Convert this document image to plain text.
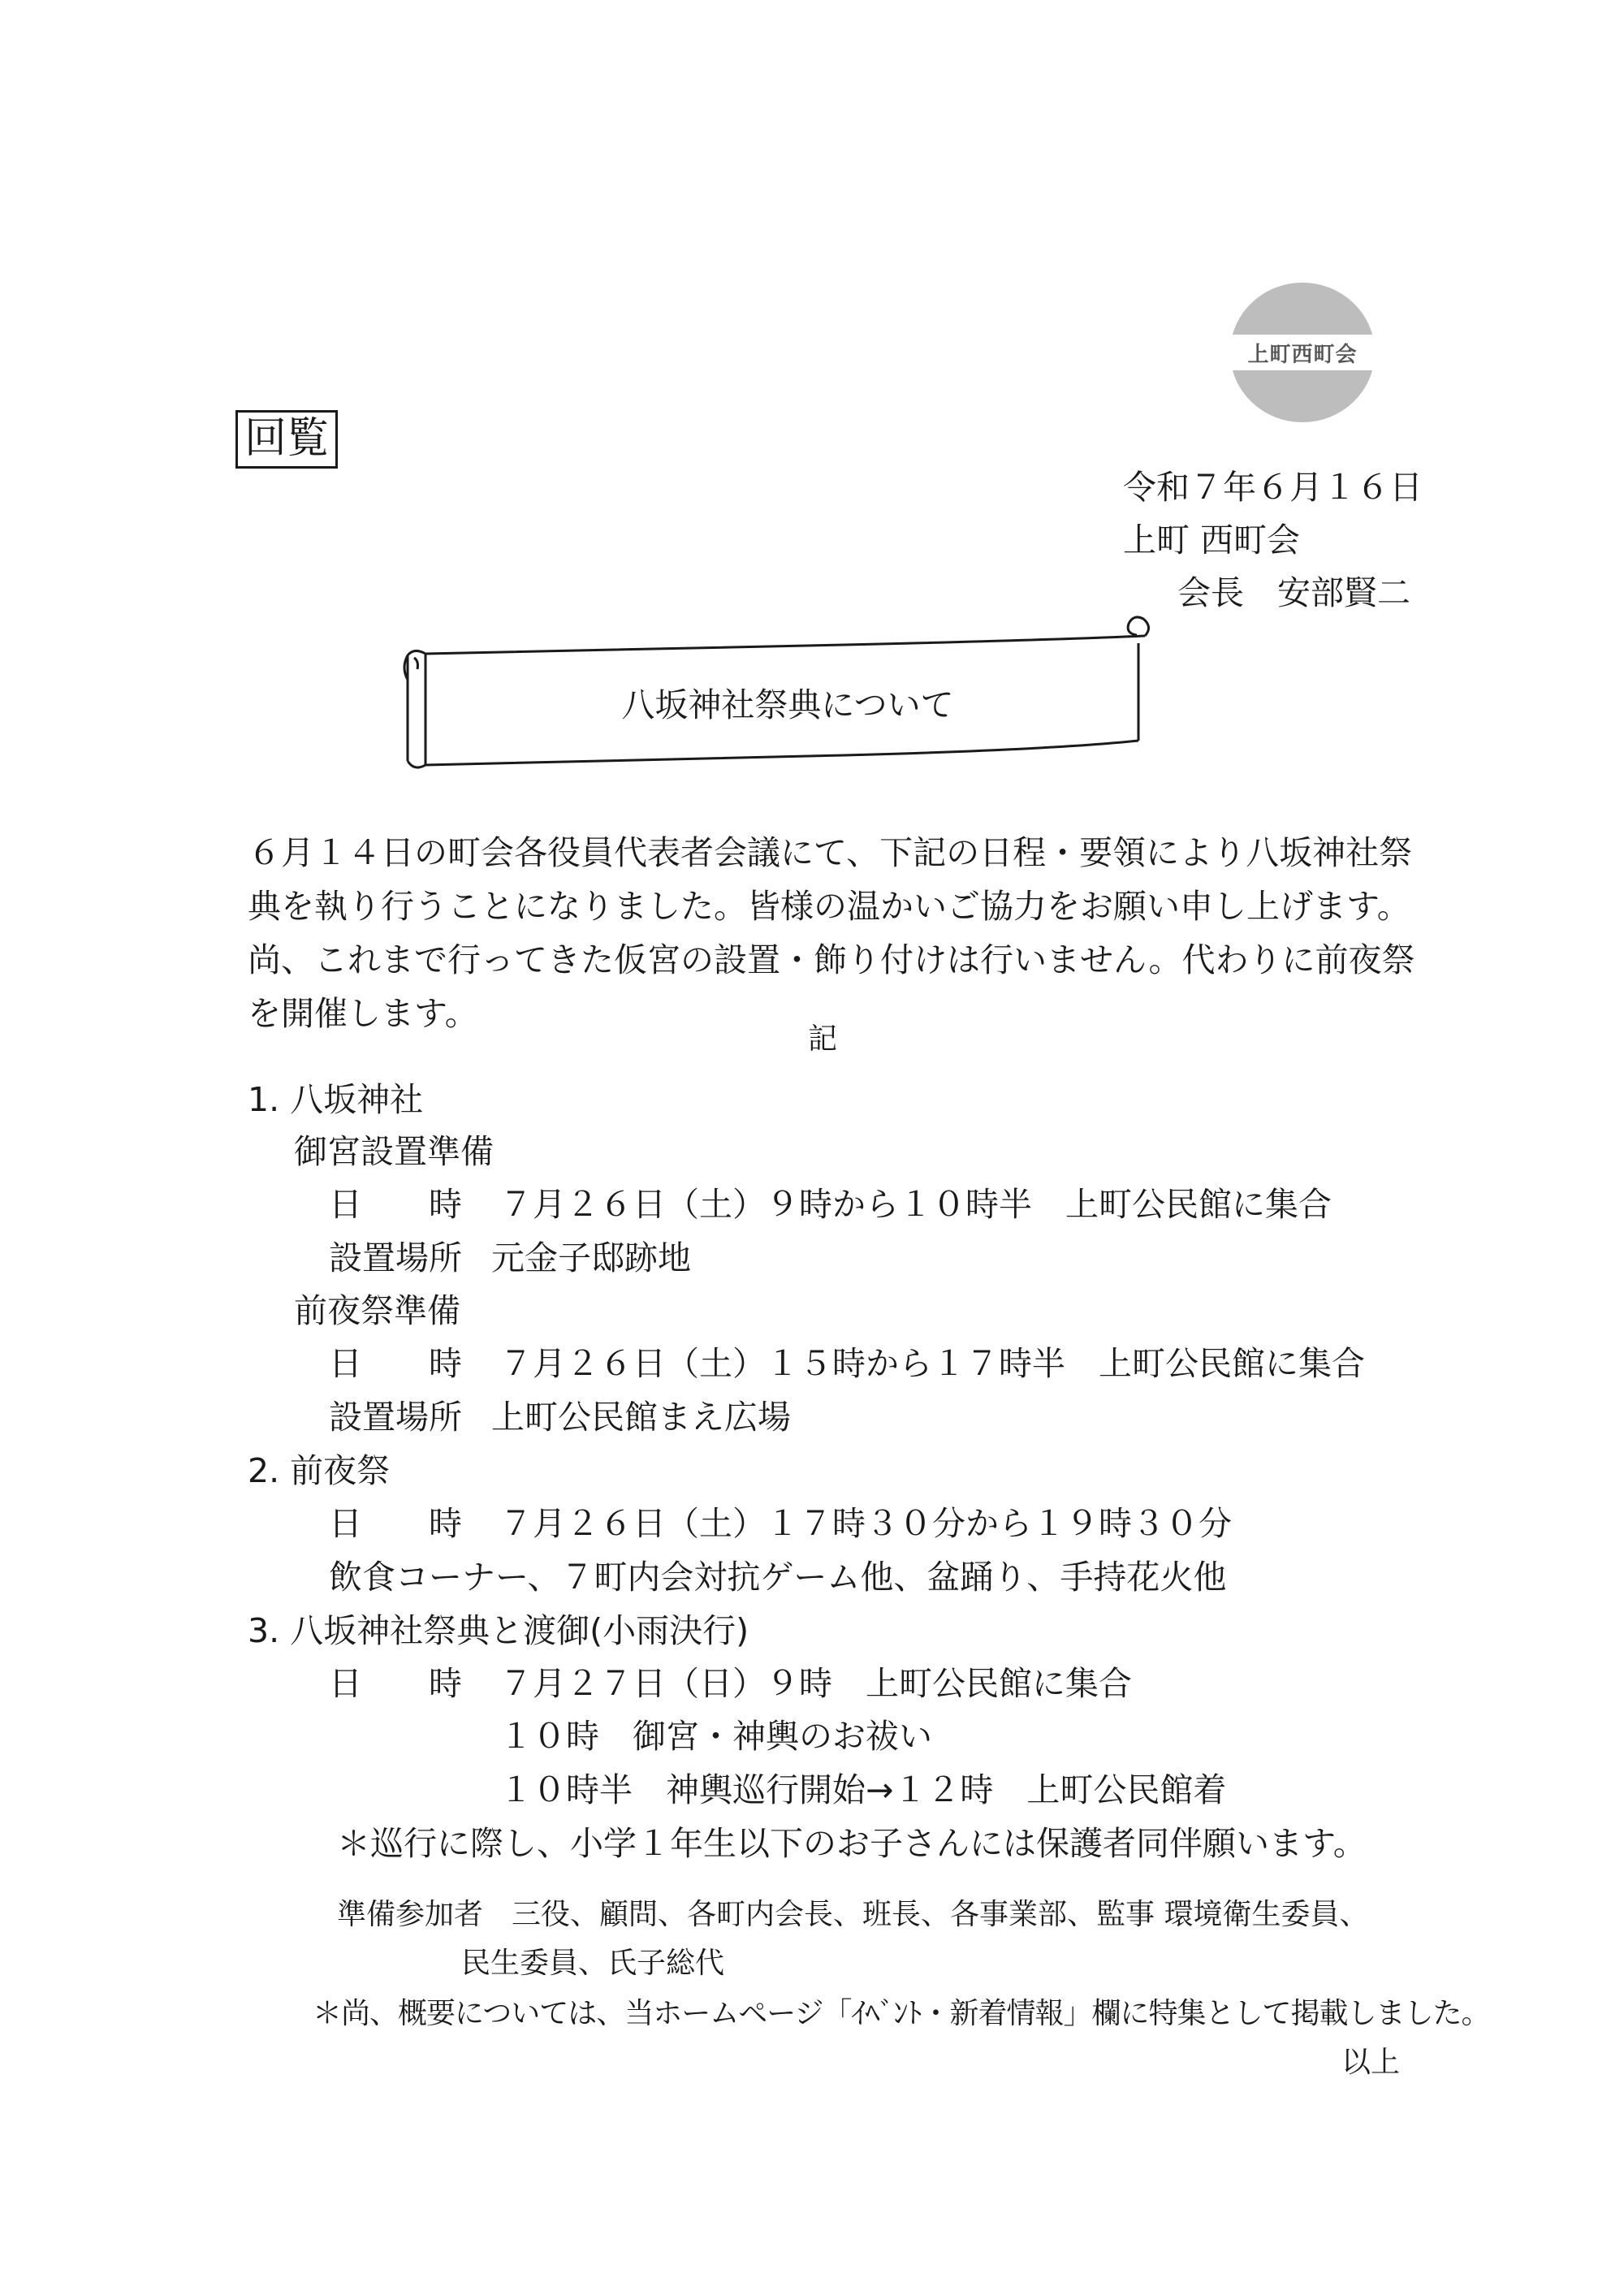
上町西町会
回覧
令和７年６月１６日
上町 西町会
会長　安部賢二
八坂神社祭典について
６月１４日の町会各役員代表者会議にて、下記の日程・要領により八坂神社祭
典を執り行うことになりました。皆様の温かいご協力をお願い申し上げます。
尚、これまで行ってきた仮宮の設置・飾り付けは行いません。代わりに前夜祭
を開催します。
記
1. 八坂神社
御宮設置準備
日　　時 ７月２６日（土）９時から１０時半　上町公民館に集合
設置場所 元金子邸跡地
前夜祭準備
日　　時 ７月２６日（土）１５時から１７時半　上町公民館に集合
設置場所 上町公民館まえ広場
2. 前夜祭
日　　時 ７月２６日（土）１７時３０分から１９時３０分
飲食コーナー、７町内会対抗ゲーム他、盆踊り、手持花火他
3. 八坂神社祭典と渡御(小雨決行)
日　　時 ７月２７日（日）９時　上町公民館に集合
１０時　御宮・神輿のお祓い
１０時半　神輿巡行開始→１２時　上町公民館着
＊巡行に際し、小学１年生以下のお子さんには保護者同伴願います。
準備参加者 三役、顧問、各町内会長、班長、各事業部、監事 環境衛生委員、
民生委員、氏子総代
＊尚、概要については、当ホームページ「ｲﾍﾞﾝﾄ・新着情報」欄に特集として掲載しました。
以上
